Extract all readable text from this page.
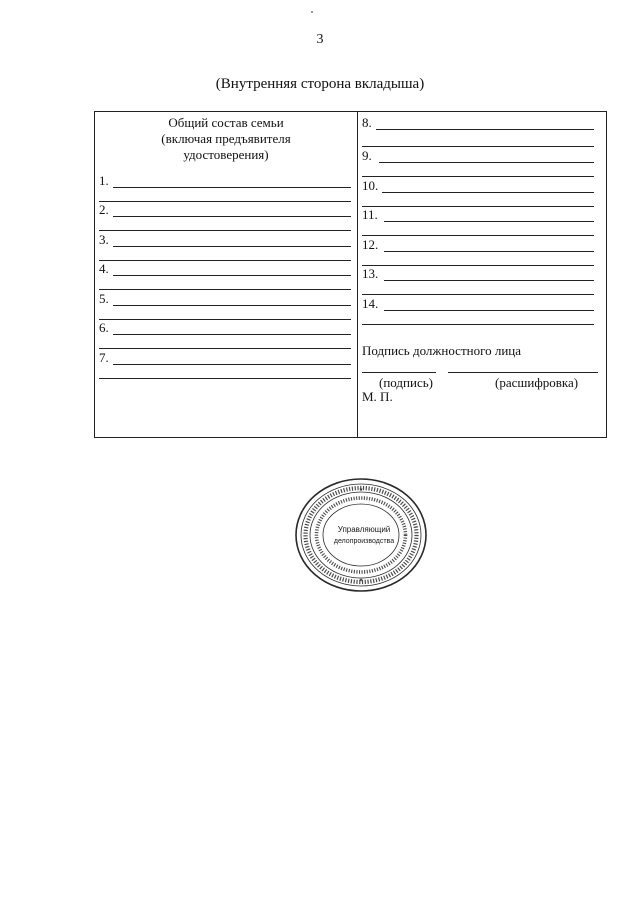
3
(Внутренняя сторона вкладыша)
Общий состав семьи
(включая предъявителя
удостоверения)
1.
2.
3.
4.
5.
6.
7.
8.
9.
10.
11.
12.
13.
14.
Подпись должностного лица
(подпись)	(расшифровка)
М. П.
✶
★
Управляющий
делопроизводства
